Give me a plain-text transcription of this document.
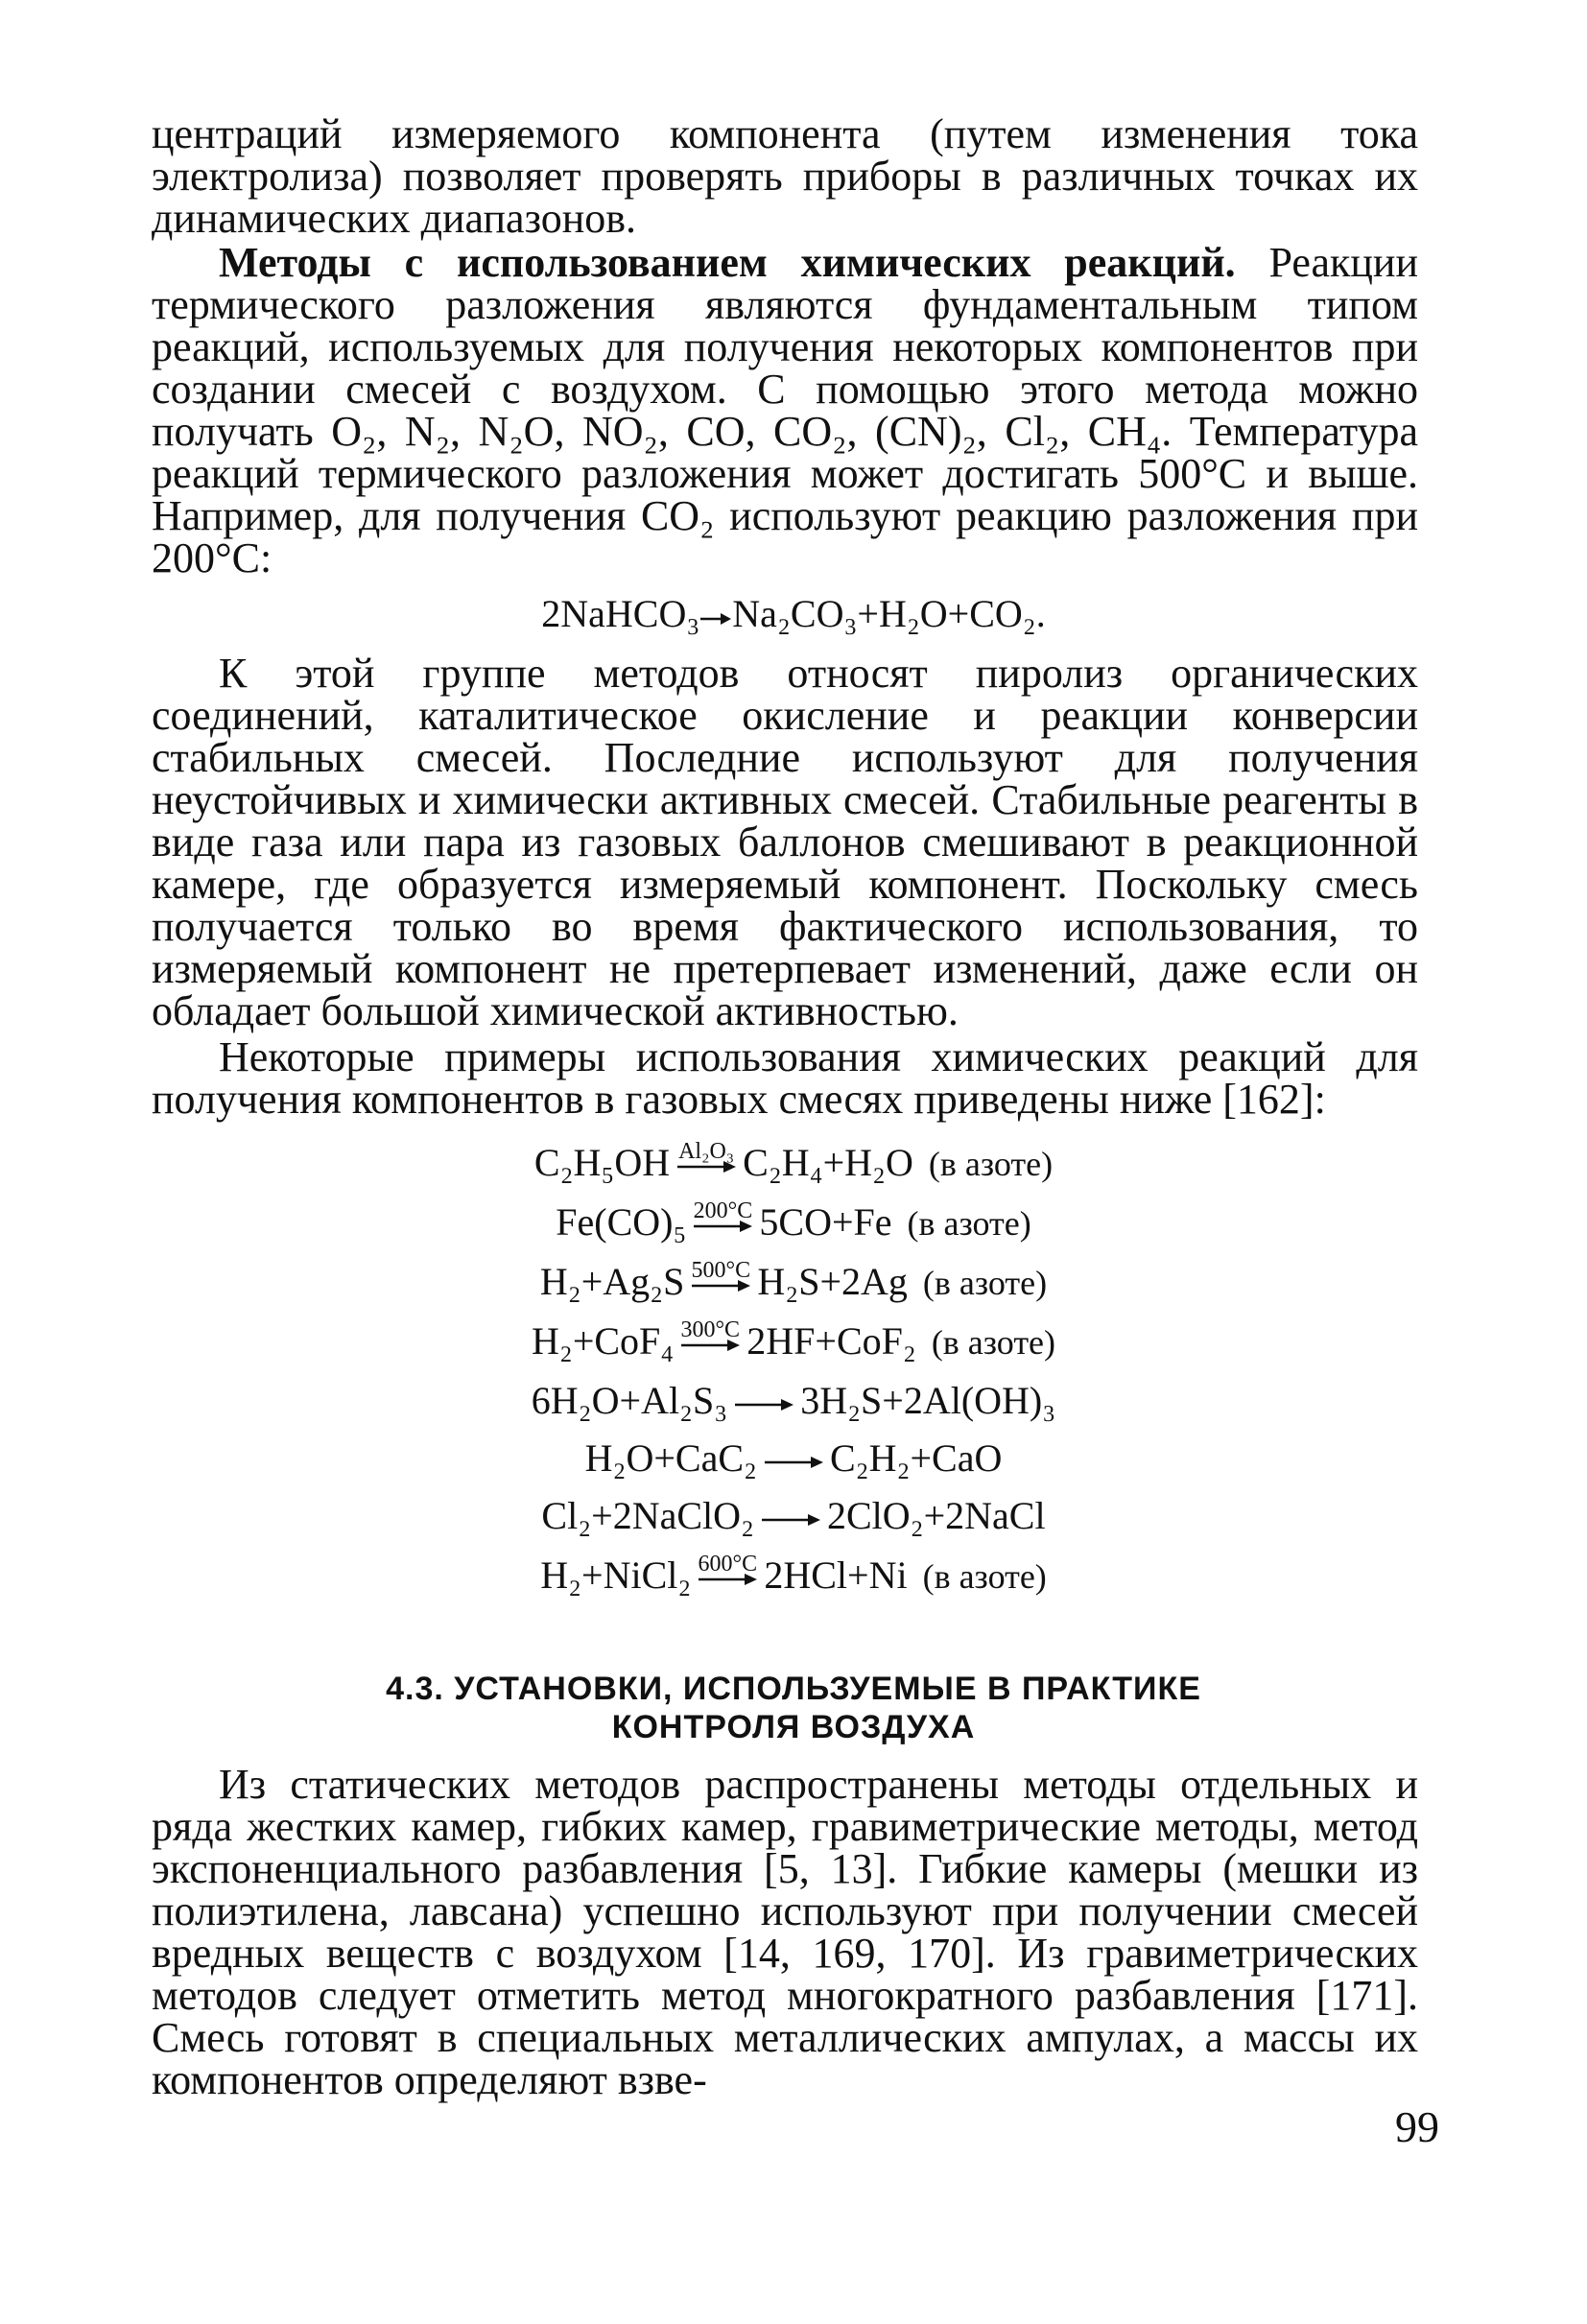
центраций измеряемого компонента (путем изменения тока электролиза) позволяет проверять приборы в различных точках их динамических диапазонов.

Методы с использованием химических реакций. Реакции термического разложения являются фундаментальным типом реакций, используемых для получения некоторых компонентов при создании смесей с воздухом. С помощью этого метода можно получать O₂, N₂, N₂O, NO₂, CO, CO₂, (CN)₂, Cl₂, CH₄. Температура реакций термического разложения может достигать 500°С и выше. Например, для получения CO₂ используют реакцию разложения при 200°С:

2NaHCO₃→Na₂CO₃+H₂O+CO₂.

К этой группе методов относят пиролиз органических соединений, каталитическое окисление и реакции конверсии стабильных смесей. Последние используют для получения неустойчивых и химически активных смесей. Стабильные реагенты в виде газа или пара из газовых баллонов смешивают в реакционной камере, где образуется измеряемый компонент. Поскольку смесь получается только во время фактического использования, то измеряемый компонент не претерпевает изменений, даже если он обладает большой химической активностью.

Некоторые примеры использования химических реакций для получения компонентов в газовых смесях приведены ниже [162]:

C₂H₅OH Al₂O₃ C₂H₄+H₂O (в азоте)
Fe(CO)₅ 200°C 5CO+Fe (в азоте)
H₂+Ag₂S 500°C H₂S+2Ag (в азоте)
H₂+CoF₄ 300°C 2HF+CoF₂ (в азоте)
6H₂O+Al₂S₃ → 3H₂S+2Al(OH)₃
H₂O+CaC₂ → C₂H₂+CaO
Cl₂+2NaClO₂ → 2ClO₂+2NaCl
H₂+NiCl₂ 600°C 2HCl+Ni (в азоте)
4.3. УСТАНОВКИ, ИСПОЛЬЗУЕМЫЕ В ПРАКТИКЕ
КОНТРОЛЯ ВОЗДУХА

Из статических методов распространены методы отдельных и ряда жестких камер, гибких камер, гравиметрические методы, метод экспоненциального разбавления [5, 13]. Гибкие камеры (мешки из полиэтилена, лавсана) успешно используют при получении смесей вредных веществ с воздухом [14, 169, 170]. Из гравиметрических методов следует отметить метод многократного разбавления [171]. Смесь готовят в специальных металлических ампулах, а массы их компонентов определяют взве-

99
